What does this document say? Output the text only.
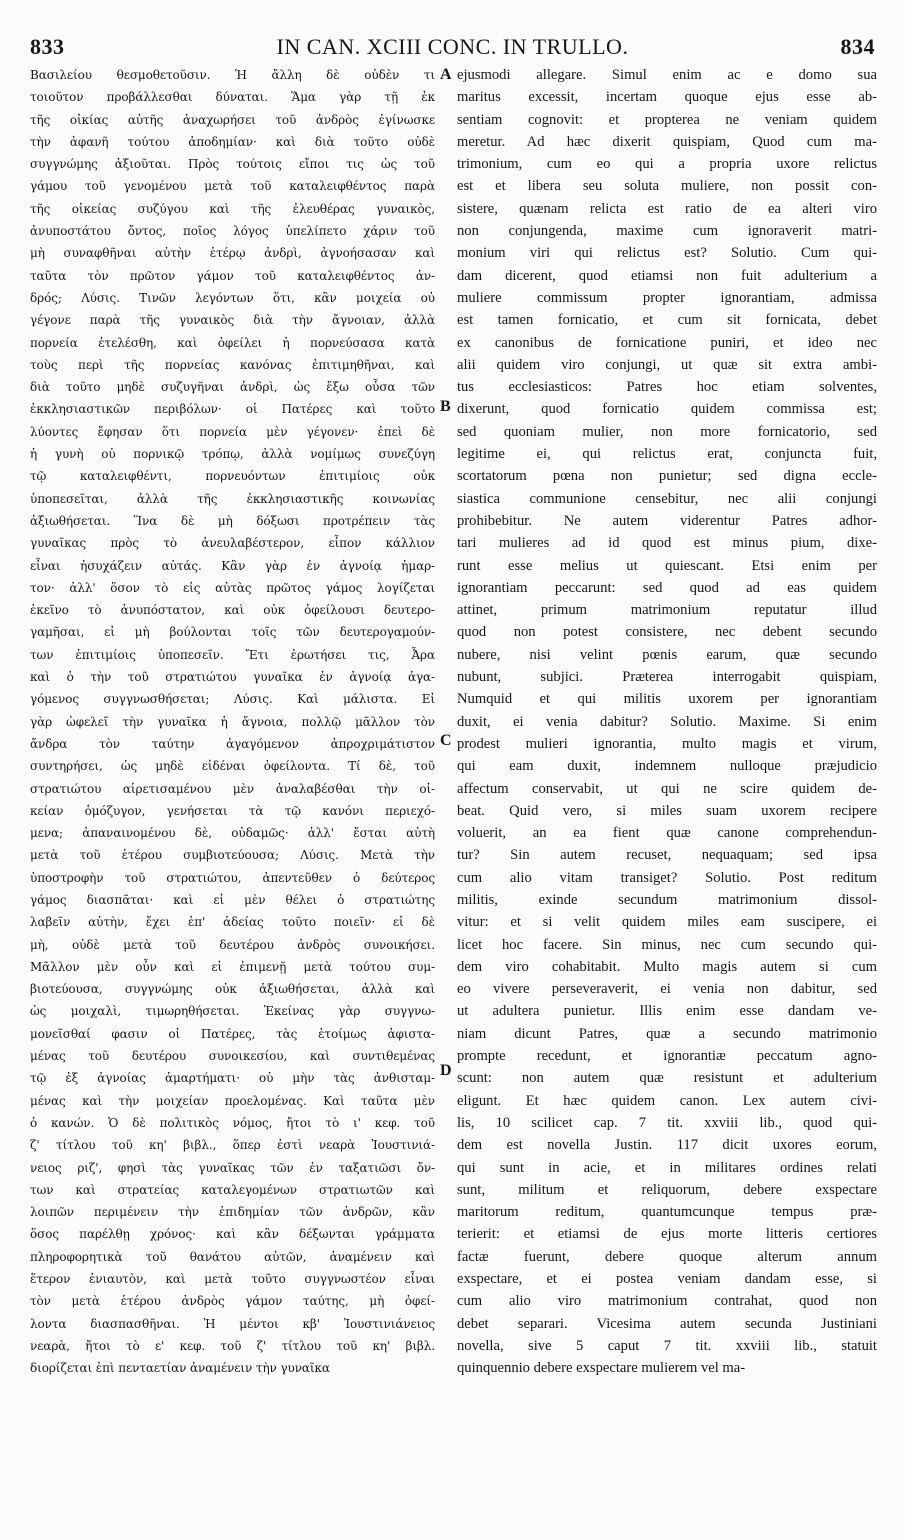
833	IN CAN. XCIII CONC. IN TRULLO.	834
Βασιλείου θεσμοθετοῦσιν. Ἡ ἄλλη δὲ οὐδὲν τι
τοιοῦτον προβάλλεσθαι δύναται. Ἅμα γὰρ τῇ ἐκ
τῆς οἰκίας αὐτῆς ἀναχωρήσει τοῦ ἀνδρὸς ἐγίνωσκε
τὴν ἀφανῆ τούτου ἀποδημίαν· καὶ διὰ τοῦτο οὐδὲ
συγγνώμης ἀξιοῦται. Πρὸς τούτοις εἴποι τις ὡς τοῦ
γάμου τοῦ γενομένου μετὰ τοῦ καταλειφθέντος παρὰ
τῆς οἰκείας συζύγου καὶ τῆς ἐλευθέρας γυναικὸς,
ἀνυποστάτου ὄντος, ποῖος λόγος ὑπελίπετο χάριν τοῦ
μὴ συναφθῆναι αὐτὴν ἑτέρῳ ἀνδρὶ, ἀγνοήσασαν καὶ
ταῦτα τὸν πρῶτον γάμον τοῦ καταλειφθέντος ἀν-
δρός; Λύσις. Τινῶν λεγόντων ὅτι, κἂν μοιχεία οὐ
γέγονε παρὰ τῆς γυναικὸς διὰ τὴν ἄγνοιαν, ἀλλὰ
πορνεία ἐτελέσθη, καὶ ὀφείλει ἡ πορνεύσασα κατὰ
τοὺς περὶ τῆς πορνείας κανόνας ἐπιτιμηθῆναι, καὶ
διὰ τοῦτο μηδὲ συζυγῆναι ἀνδρὶ, ὡς ἔξω οὖσα τῶν
ἐκκλησιαστικῶν περιβόλων· οἱ Πατέρες καὶ τοῦτο
λύοντες ἔφησαν ὅτι πορνεία μὲν γέγονεν· ἐπεὶ δὲ
ἡ γυνὴ οὐ πορνικῷ τρόπῳ, ἀλλὰ νομίμως συνεζύγη
τῷ καταλειφθέντι, πορνευόντων ἐπιτιμίοις οὐκ
ὑποπεσεῖται, ἀλλὰ τῆς ἐκκλησιαστικῆς κοινωνίας
ἀξιωθήσεται. Ἵνα δὲ μὴ δόξωσι προτρέπειν τὰς
γυναῖκας πρὸς τὸ ἀνευλαβέστερον, εἶπον κάλλιον
εἶναι ἡσυχάζειν αὐτάς. Κἂν γὰρ ἐν ἀγνοίᾳ ἡμαρ-
τον· ἀλλ' ὅσον τὸ εἰς αὐτὰς πρῶτος γάμος λογίζεται
ἐκεῖνο τὸ ἀνυπόστατον, καὶ οὐκ ὀφείλουσι δευτερο-
γαμῆσαι, εἰ μὴ βούλονται τοῖς τῶν δευτερογαμούν-
των ἐπιτιμίοις ὑποπεσεῖν. Ἔτι ἐρωτήσει τις, Ἆρα
καὶ ὁ τὴν τοῦ στρατιώτου γυναῖκα ἐν ἀγνοίᾳ ἀγα-
γόμενος συγγνωσθήσεται; Λύσις. Καὶ μάλιστα. Εἰ
γὰρ ὠφελεῖ τὴν γυναῖκα ἡ ἄγνοια, πολλῷ μᾶλλον τὸν
ἄνδρα τὸν ταύτην ἀγαγόμενον ἀπροχριμάτιστον
συντηρήσει, ὡς μηδὲ εἰδέναι ὀφείλοντα. Τί δὲ, τοῦ
στρατιώτου αἱρετισαμένου μὲν ἀναλαβέσθαι τὴν οἰ-
κείαν ὁμόζυγον, γενήσεται τὰ τῷ κανόνι περιεχό-
μενα; ἀπαναινομένου δὲ, οὐδαμῶς· ἀλλ' ἔσται αὐτὴ
μετὰ τοῦ ἑτέρου συμβιοτεύουσα; Λύσις. Μετὰ τὴν
ὑποστροφὴν τοῦ στρατιώτου, ἀπεντεῦθεν ὁ δεύτερος
γάμος διασπᾶται· καὶ εἰ μὲν θέλει ὁ στρατιώτης
λαβεῖν αὐτὴν, ἔχει ἐπ' ἀδείας τοῦτο ποιεῖν· εἰ δὲ
μὴ, οὐδὲ μετὰ τοῦ δευτέρου ἀνδρὸς συνοικήσει.
Μᾶλλον μὲν οὖν καὶ εἰ ἐπιμενῇ μετὰ τούτου συμ-
βιοτεύουσα, συγγνώμης οὐκ ἀξιωθήσεται, ἀλλὰ καὶ
ὡς μοιχαλὶ, τιμωρηθήσεται. Ἐκείνας γὰρ συγγνω-
μονεῖσθαί φασιν οἱ Πατέρες, τὰς ἑτοίμως ἀφιστα-
μένας τοῦ δευτέρου συνοικεσίου, καὶ συντιθεμένας
τῷ ἐξ ἀγνοίας ἁμαρτήματι· οὐ μὴν τὰς ἀνθισταμ-
μένας καὶ τὴν μοιχείαν προελομένας. Καὶ ταῦτα μὲν
ὁ κανών. Ὁ δὲ πολιτικὸς νόμος, ἤτοι τὸ ι' κεφ. τοῦ
ζ' τίτλου τοῦ κη' βιβλ., ὅπερ ἐστὶ νεαρὰ Ἰουστινιά-
νειος ριζ', φησὶ τὰς γυναῖκας τῶν ἐν ταξατιῶσι ὄν-
των καὶ στρατείας καταλεγομένων στρατιωτῶν καὶ
λοιπῶν περιμένειν τὴν ἐπιδημίαν τῶν ἀνδρῶν, κἂν
ὅσος παρέλθῃ χρόνος· καὶ κἂν δέξωνται γράμματα
πληροφορητικὰ τοῦ θανάτου αὐτῶν, ἀναμένειν καὶ
ἕτερον ἐνιαυτὸν, καὶ μετὰ τοῦτο συγγνωστέον εἶναι
τὸν μετὰ ἑτέρου ἀνδρὸς γάμον ταύτης, μὴ ὀφεί-
λοντα διασπασθῆναι. Ἡ μέντοι κβ' Ἰουστινιάνειος
νεαρὰ, ἤτοι τὸ ε' κεφ. τοῦ ζ' τίτλου τοῦ κη' βιβλ.
διορίζεται ἐπὶ πενταετίαν ἀναμένειν τὴν γυναῖκα
ejusmodi allegare. Simul enim ac e domo sua
maritus excessit, incertam quoque ejus esse ab-
sentiam cognovit: et propterea ne veniam quidem
meretur. Ad hæc dixerit quispiam, Quod cum ma-
trimonium, cum eo qui a propria uxore relictus
est et libera seu soluta muliere, non possit con-
sistere, quænam relicta est ratio de ea alteri viro
non conjungenda, maxime cum ignoraverit matri-
monium viri qui relictus est? Solutio. Cum qui-
dam dicerent, quod etiamsi non fuit adulterium a
muliere commissum propter ignorantiam, admissa
est tamen fornicatio, et cum sit fornicata, debet
ex canonibus de fornicatione puniri, et ideo nec
alii quidem viro conjungi, ut quæ sit extra ambi-
tus ecclesiasticos: Patres hoc etiam solventes,
dixerunt, quod fornicatio quidem commissa est;
sed quoniam mulier, non more fornicatorio, sed
legitime ei, qui relictus erat, conjuncta fuit,
scortatorum pœna non punietur; sed digna eccle-
siastica communione censebitur, nec alii conjungi
prohibebitur. Ne autem viderentur Patres adhor-
tari mulieres ad id quod est minus pium, dixe-
runt esse melius ut quiescant. Etsi enim per
ignorantiam peccarunt: sed quod ad eas quidem
attinet, primum matrimonium reputatur illud
quod non potest consistere, nec debent secundo
nubere, nisi velint pœnis earum, quæ secundo
nubunt, subjici. Præterea interrogabit quispiam,
Numquid et qui militis uxorem per ignorantiam
duxit, ei venia dabitur? Solutio. Maxime. Si enim
prodest mulieri ignorantia, multo magis et virum,
qui eam duxit, indemnem nulloque præjudicio
affectum conservabit, ut qui ne scire quidem de-
beat. Quid vero, si miles suam uxorem recipere
voluerit, an ea fient quæ canone comprehendun-
tur? Sin autem recuset, nequaquam; sed ipsa
cum alio vitam transiget? Solutio. Post reditum
militis, exinde secundum matrimonium dissol-
vitur: et si velit quidem miles eam suscipere, ei
licet hoc facere. Sin minus, nec cum secundo qui-
dem viro cohabitabit. Multo magis autem si cum
eo vivere perseveraverit, ei venia non dabitur, sed
ut adultera punietur. Illis enim esse dandam ve-
niam dicunt Patres, quæ a secundo matrimonio
prompte recedunt, et ignorantiæ peccatum agno-
scunt: non autem quæ resistunt et adulterium
eligunt. Et hæc quidem canon. Lex autem civi-
lis, 10 scilicet cap. 7 tit. xxviii lib., quod qui-
dem est novella Justin. 117 dicit uxores eorum,
qui sunt in acie, et in militares ordines relati
sunt, militum et reliquorum, debere exspectare
maritorum reditum, quantumcunque tempus præ-
terierit: et etiamsi de ejus morte litteris certiores
factæ fuerunt, debere quoque alterum annum
exspectare, et ei postea veniam dandam esse, si
cum alio viro matrimonium contrahat, quod non
debet separari. Vicesima autem secunda Justiniani
novella, sive 5 caput 7 tit. xxviii lib., statuit
quinquennio debere exspectare mulierem vel ma-
A
B
C
D
